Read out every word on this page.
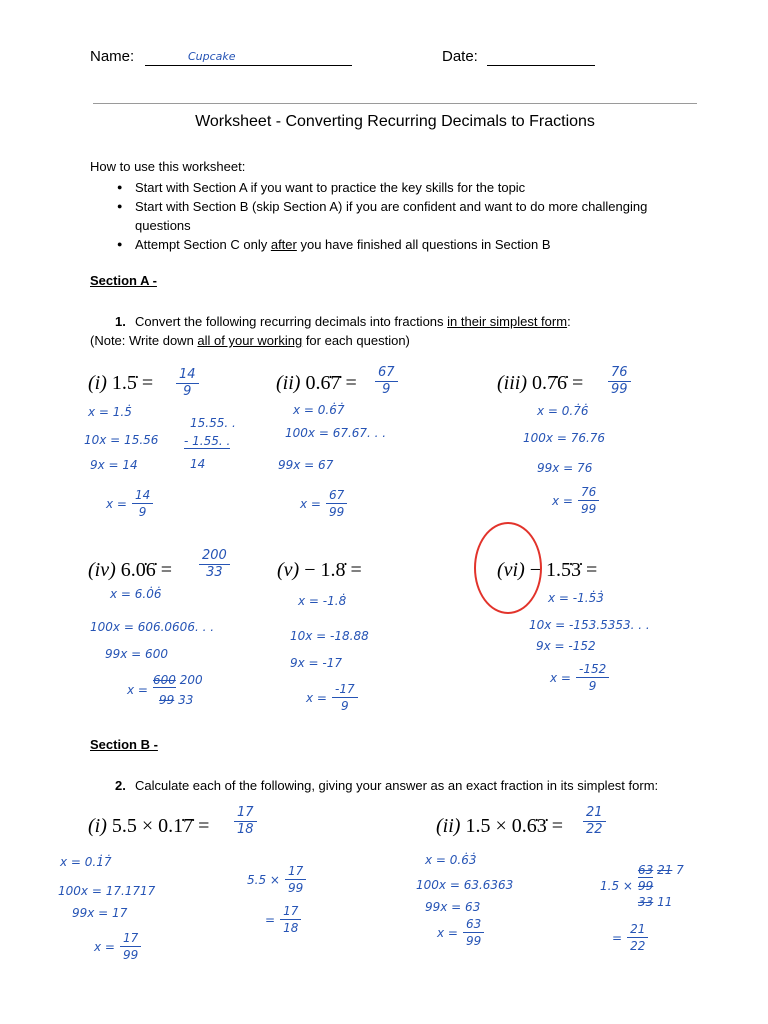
Name:	Cupcake	Date:
Worksheet - Converting Recurring Decimals to Fractions
How to use this worksheet:
● Start with Section A if you want to practice the key skills for the topic
● Start with Section B (skip Section A) if you are confident and want to do more challenging questions
● Attempt Section C only after you have finished all questions in Section B
Section A -
1. Convert the following recurring decimals into fractions in their simplest form:
(Note: Write down all of your working for each question)
(i) 1.5̇ = $\frac{14}{9}$	(ii) 0.6̇7̇ = $\frac{67}{9}$	(iii) 0.7̇6̇ = $\frac{76}{99}$
x = 1.5̇
10x = 15.56
9x = 14
$x = \frac{14}{9}$
15.55. .
- 1.55. .
14
x = 0.6̇7̇
100x = 67.67. . .
99x = 67
$x = \frac{67}{99}$
x = 0.7̇6̇
100x = 76.76
99x = 76
$x = \frac{76}{99}$
(iv) 6.0̇6̇ = $\frac{200}{33} (v)$ − 1.8̇ =	(vi) − 1.5̇3̇ =
x = 6.0̇6̇
100x = 606.0606. . .
99x = 600
x =
600 200
99 33
x = -1.8̇
10x = -18.88
9x = -17
$x = \frac{-17}{9}$
x = -1.5̇3̇
10x = -153.5353. . .
9x = -152
$x = \frac{-152}{9}$
Section B -
2. Calculate each of the following, giving your answer as an exact fraction in its simplest form:
(i) 5.5 × 0.1̇7̇ = $\frac{17}{18}$	(ii) 1.5 × 0.6̇3̇ = $\frac{21}{22}$
x = 0.1̇7̇
100x = 17.1717
99x = 17
$x = \frac{17}{99}$
$5.5 \times \frac{17}{99}$
= $\frac{17}{18}$
x = 0.6̇3̇
100x = 63.6363
99x = 63
$x = \frac{63}{99}$
1.5 ×
63 21 7
99
33 11
= $\frac{21}{22}$
